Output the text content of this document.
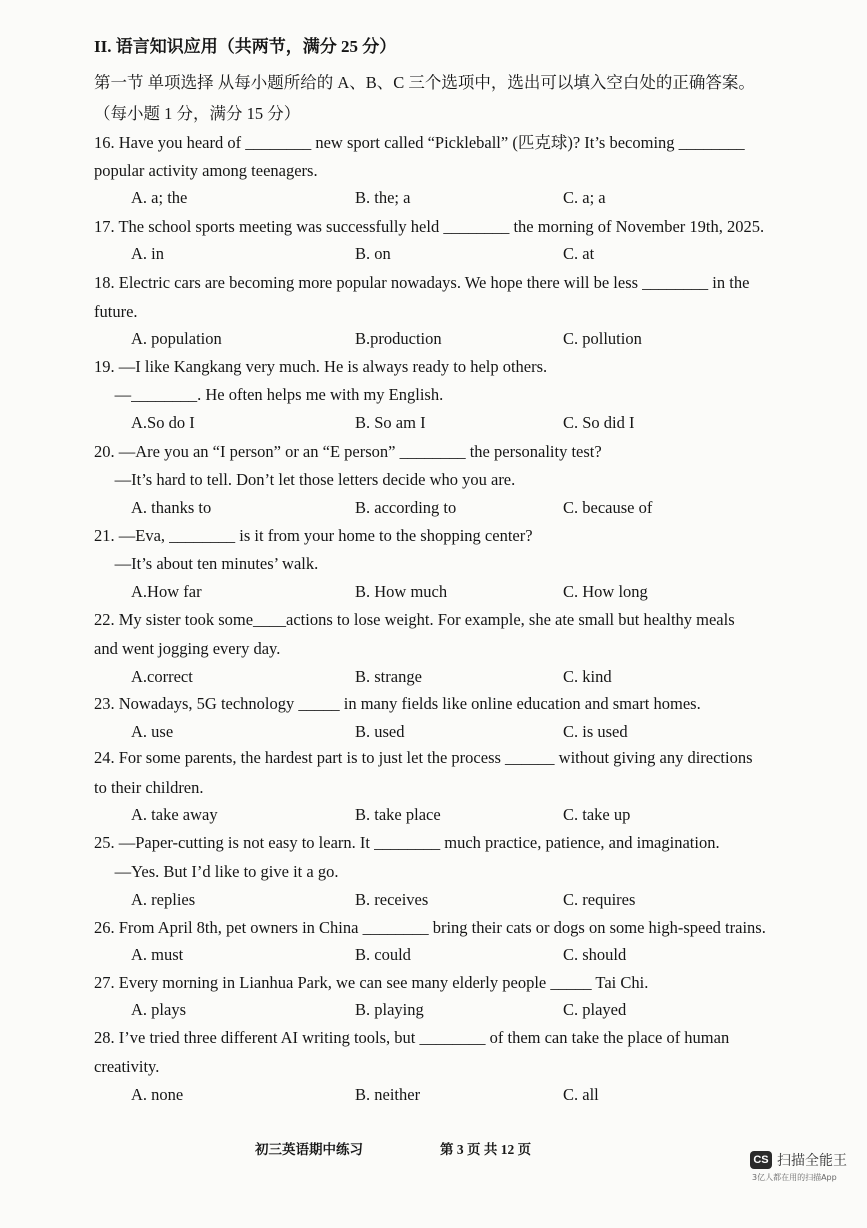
II. 语言知识应用（共两节，满分 25 分）
第一节 单项选择 从每小题所给的 A、B、C 三个选项中，选出可以填入空白处的正确答案。
（每小题 1 分，满分 15 分）
16. Have you heard of ________ new sport called “Pickleball” (匹克球)? It’s becoming ________
popular activity among teenagers.
A. a; the	B. the; a	C. a; a
17. The school sports meeting was successfully held ________ the morning of November 19th, 2025.
A. in	B. on	C. at
18. Electric cars are becoming more popular nowadays. We hope there will be less ________ in the
future.
A. population	B.production	C. pollution
19. —I like Kangkang very much. He is always ready to help others.
—________. He often helps me with my English.
A.So do I	B. So am I	C. So did I
20. —Are you an “I person” or an “E person” ________ the personality test?
—It’s hard to tell. Don’t let those letters decide who you are.
A. thanks to	B. according to	C. because of
21. —Eva, ________ is it from your home to the shopping center?
—It’s about ten minutes’ walk.
A.How far	B. How much	C. How long
22. My sister took some____actions to lose weight. For example, she ate small but healthy meals
and went jogging every day.
A.correct	B. strange	C. kind
23. Nowadays, 5G technology _____ in many fields like online education and smart homes.
A. use	B. used	C. is used
24. For some parents, the hardest part is to just let the process ______ without giving any directions
to their children.
A. take away	B. take place	C. take up
25. —Paper-cutting is not easy to learn. It ________ much practice, patience, and imagination.
—Yes. But I’d like to give it a go.
A. replies	B. receives	C. requires
26. From April 8th, pet owners in China ________ bring their cats or dogs on some high-speed trains.
A. must	B. could	C. should
27. Every morning in Lianhua Park, we can see many elderly people _____ Tai Chi.
A. plays	B. playing	C. played
28. I’ve tried three different AI writing tools, but ________ of them can take the place of human
creativity.
A. none	B. neither	C. all
初三英语期中练习	第 3 页 共 12 页
CS 扫描全能王
3亿人都在用的扫描App
